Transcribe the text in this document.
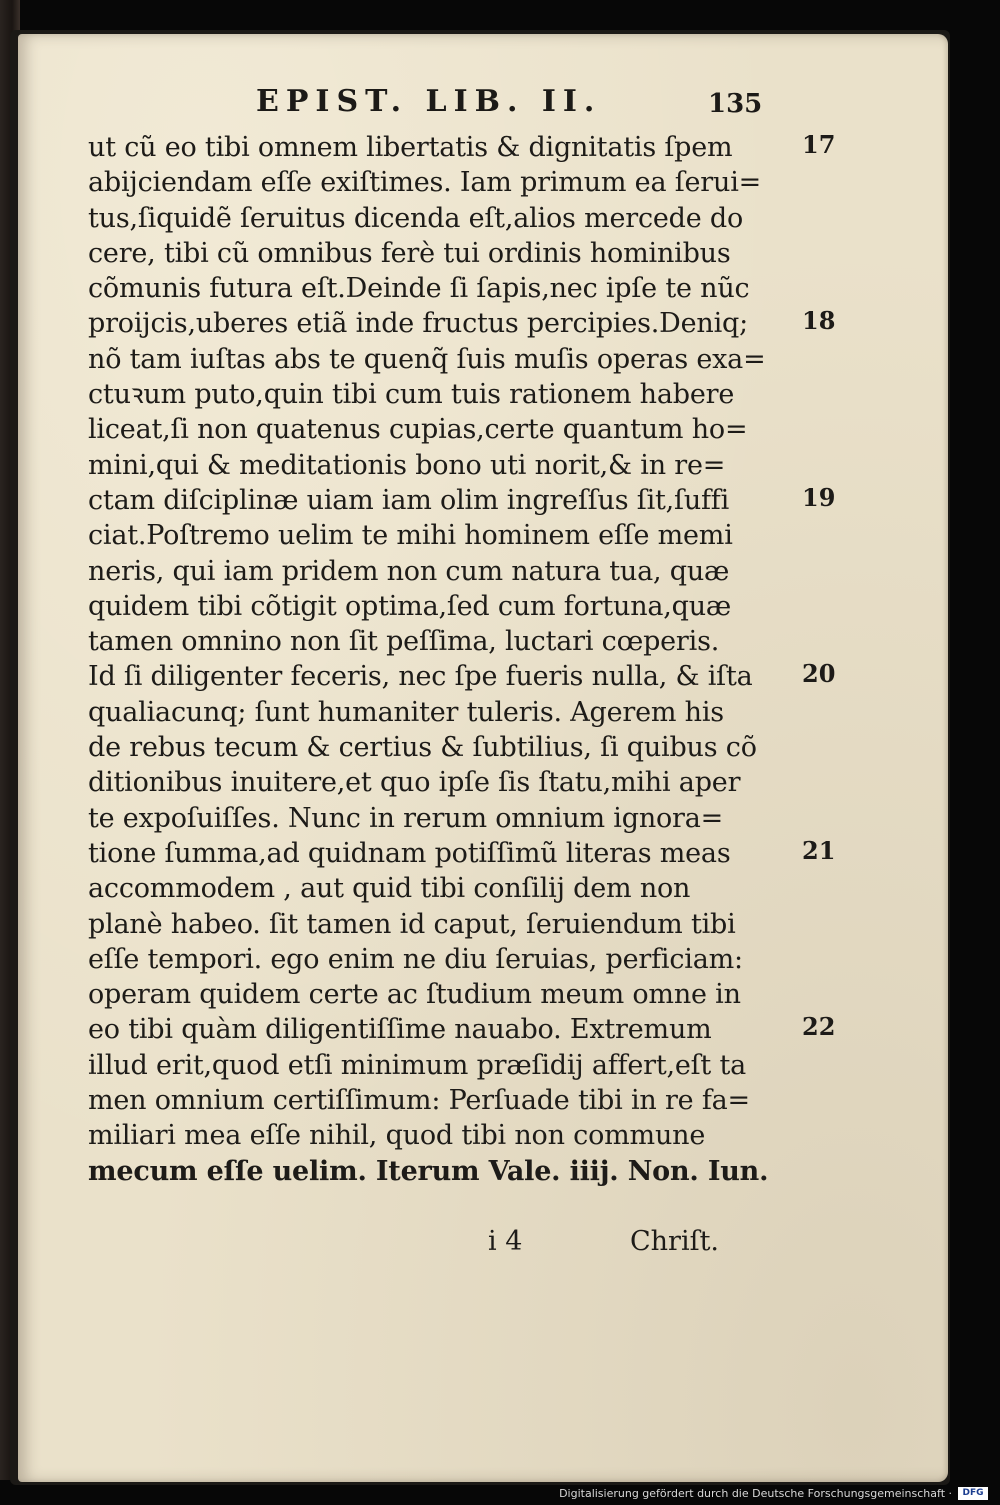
EPIST. LIB. II.	135
ut cũ eo tibi omnem libertatis & dignitatis ſpem
abijciendam eſſe exiſtimes. Iam primum ea ſerui=
tus,ſiquidẽ ſeruitus dicenda eſt,alios mercede do
cere, tibi cũ omnibus ferè tui ordinis hominibus
cõmunis futura eſt.Deinde ſi ſapis,nec ipſe te nũc
proijcis,uberes etiã inde fructus percipies.Deniq;
nõ tam iuſtas abs te quenq̃ ſuis muſis operas exa=
ctuꝛum puto,quin tibi cum tuis rationem habere
liceat,ſi non quatenus cupias,certe quantum ho=
mini,qui & meditationis bono uti norit,& in re=
ctam diſciplinæ uiam iam olim ingreſſus ſit,ſuffi
ciat.Poſtremo uelim te mihi hominem eſſe memi
neris, qui iam pridem non cum natura tua, quæ
quidem tibi cõtigit optima,ſed cum fortuna,quæ
tamen omnino non ſit peſſima, luctari cœperis.
Id ſi diligenter feceris, nec ſpe fueris nulla, & iſta
qualiacunq; ſunt humaniter tuleris. Agerem his
de rebus tecum & certius & ſubtilius, ſi quibus cõ
ditionibus inuitere,et quo ipſe ſis ſtatu,mihi aper
te expoſuiſſes. Nunc in rerum omnium ignora=
tione ſumma,ad quidnam potiſſimũ literas meas
accommodem , aut quid tibi conſilij dem non
planè habeo. ſit tamen id caput, ſeruiendum tibi
eſſe tempori. ego enim ne diu ſeruias, perficiam:
operam quidem certe ac ſtudium meum omne in
eo tibi quàm diligentiſſime nauabo. Extremum
illud erit,quod etſi minimum præſidij affert,eſt ta
men omnium certiſſimum: Perſuade tibi in re fa=
miliari mea eſſe nihil, quod tibi non commune
mecum eſſe uelim. Iterum Vale. iiij. Non. Iun.
17
18
19
20
21
22
i 4	Chriſt.
Digitalisierung gefördert durch die Deutsche Forschungsgemeinschaft ·	DFG
